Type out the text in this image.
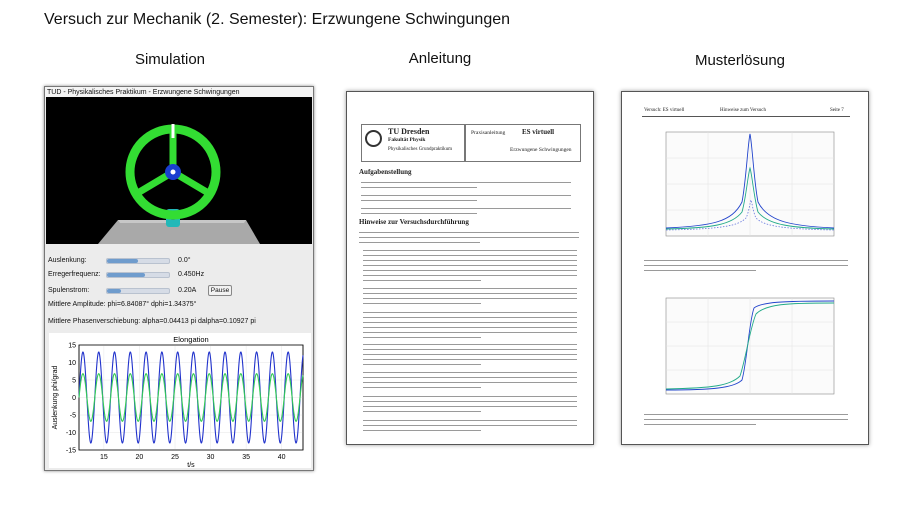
Versuch zur Mechanik (2. Semester): Erzwungene Schwingungen
Simulation	Anleitung	Musterlösung
TUD - Physikalisches Praktikum - Erzwungene Schwingungen
Auslenkung:	0.0°
Erregerfrequenz:	0.450Hz
Spulenstrom:	0.20A	Pause
Mittlere Amplitude: phi=6.84087° dphi=1.34375°
Mittlere Phasenverschiebung: alpha=0.04413 pi dalpha=0.10927 pi
15
10
5
0
-5
-10
-15
15	20	25	30	35	40
Elongation
t/s
Auslenkung phi/grad
TU Dresden
Fakultät Physik
Physikalisches Grundpraktikum
Praxisanleitung ES virtuell
Erzwungene Schwingungen
Aufgabenstellung
Hinweise zur Versuchsdurchführung
Versuch: ES virtuell	Hinweise zum Versuch	Seite 7
